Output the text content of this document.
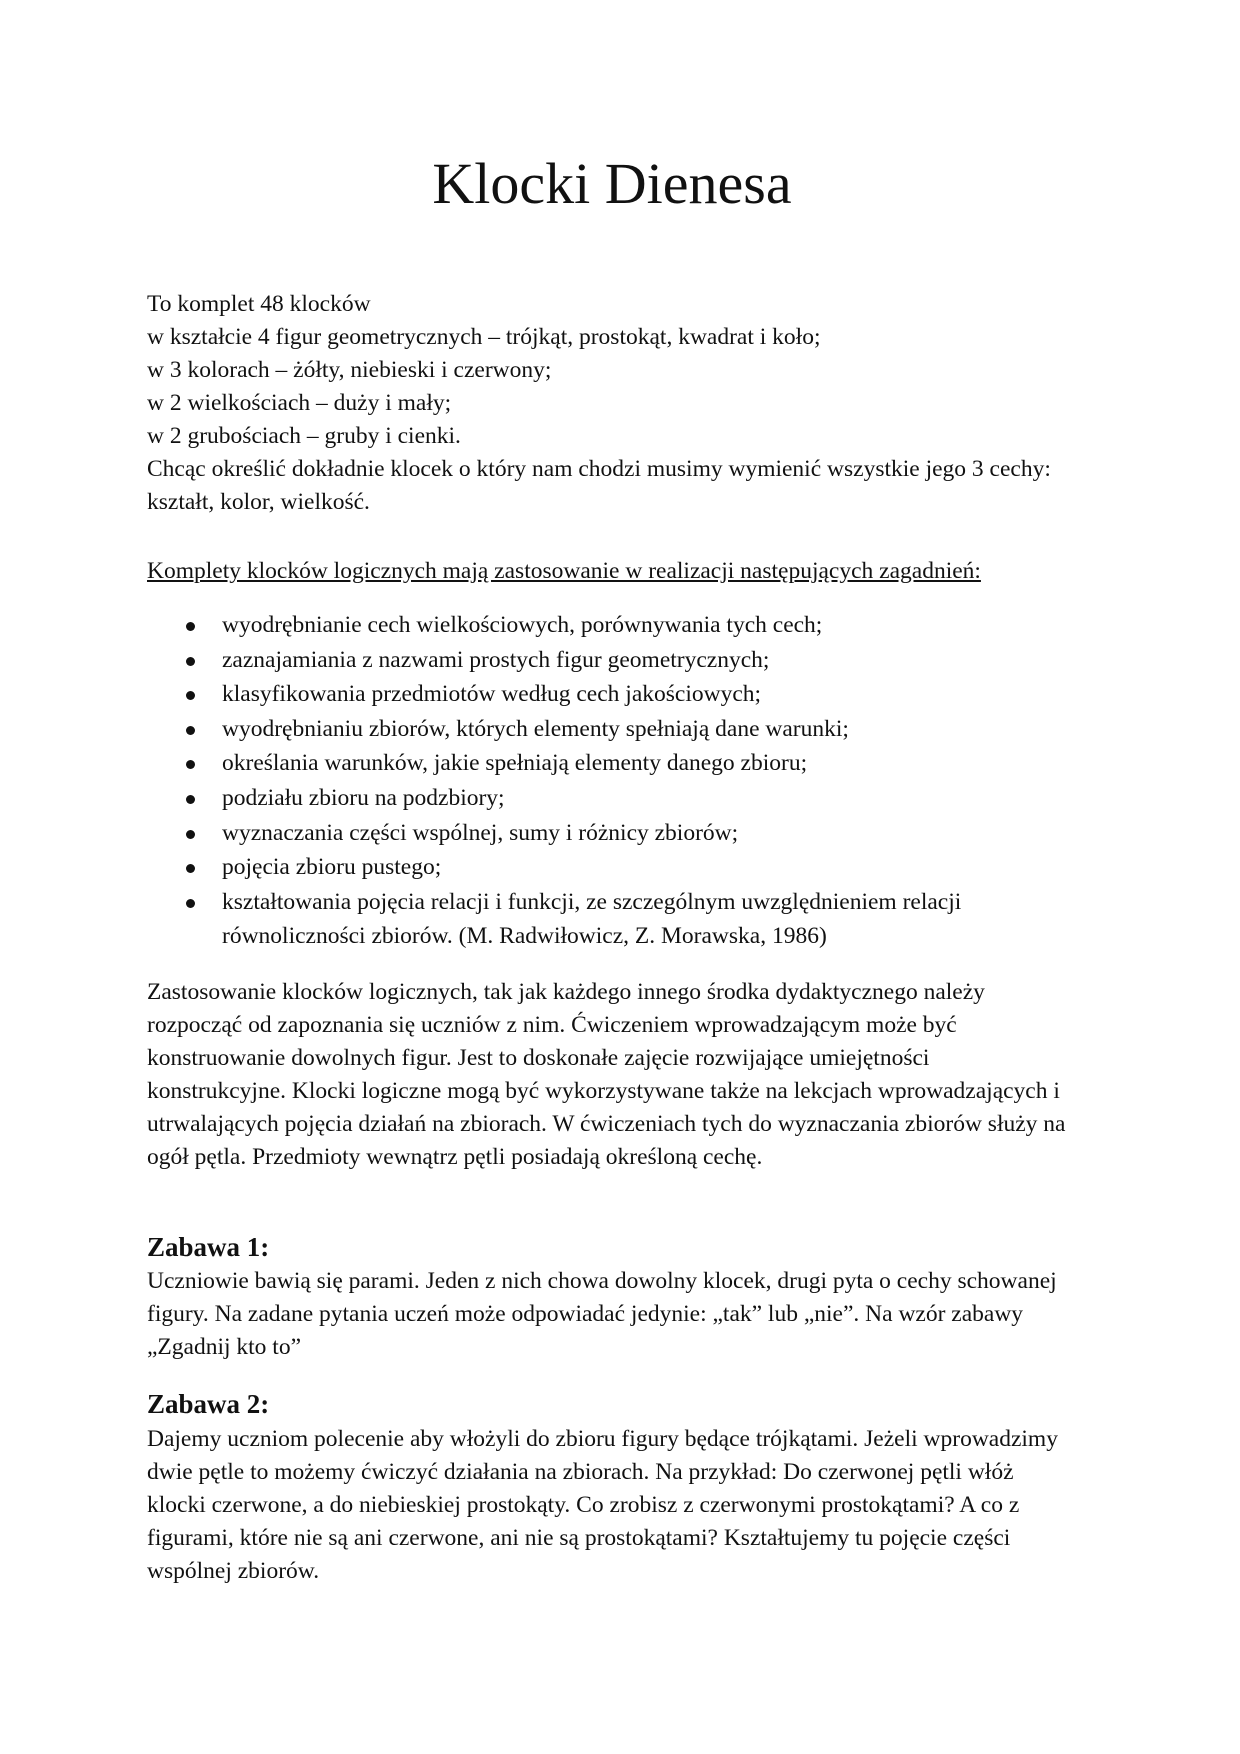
Klocki Dienesa
To komplet 48 klocków
w kształcie 4 figur geometrycznych – trójkąt, prostokąt, kwadrat i koło;
w 3 kolorach – żółty, niebieski i czerwony;
w 2 wielkościach – duży i mały;
w 2 grubościach – gruby i cienki.

Chcąc określić dokładnie klocek o który nam chodzi musimy wymienić wszystkie jego 3 cechy: kształt, kolor, wielkość.

Komplety klocków logicznych mają zastosowanie w realizacji następujących zagadnień:

wyodrębnianie cech wielkościowych, porównywania tych cech;
zaznajamiania z nazwami prostych figur geometrycznych;
klasyfikowania przedmiotów według cech jakościowych;
wyodrębnianiu zbiorów, których elementy spełniają dane warunki;
określania warunków, jakie spełniają elementy danego zbioru;
podziału zbioru na podzbiory;
wyznaczania części wspólnej, sumy i różnicy zbiorów;
pojęcia zbioru pustego;
kształtowania pojęcia relacji i funkcji, ze szczególnym uwzględnieniem relacji równoliczności zbiorów. (M. Radwiłowicz, Z. Morawska, 1986)

Zastosowanie klocków logicznych, tak jak każdego innego środka dydaktycznego należy rozpocząć od zapoznania się uczniów z nim. Ćwiczeniem wprowadzającym może być konstruowanie dowolnych figur. Jest to doskonałe zajęcie rozwijające umiejętności konstrukcyjne. Klocki logiczne mogą być wykorzystywane także na lekcjach wprowadzających i utrwalających pojęcia działań na zbiorach. W ćwiczeniach tych do wyznaczania zbiorów służy na ogół pętla. Przedmioty wewnątrz pętli posiadają określoną cechę.

Zabawa 1:

Uczniowie bawią się parami. Jeden z nich chowa dowolny klocek, drugi pyta o cechy schowanej figury. Na zadane pytania uczeń może odpowiadać jedynie: „tak” lub „nie”. Na wzór zabawy „Zgadnij kto to”

Zabawa 2:

Dajemy uczniom polecenie aby włożyli do zbioru figury będące trójkątami. Jeżeli wprowadzimy dwie pętle to możemy ćwiczyć działania na zbiorach. Na przykład: Do czerwonej pętli włóż klocki czerwone, a do niebieskiej prostokąty. Co zrobisz z czerwonymi prostokątami? A co z figurami, które nie są ani czerwone, ani nie są prostokątami? Kształtujemy tu pojęcie części wspólnej zbiorów.
